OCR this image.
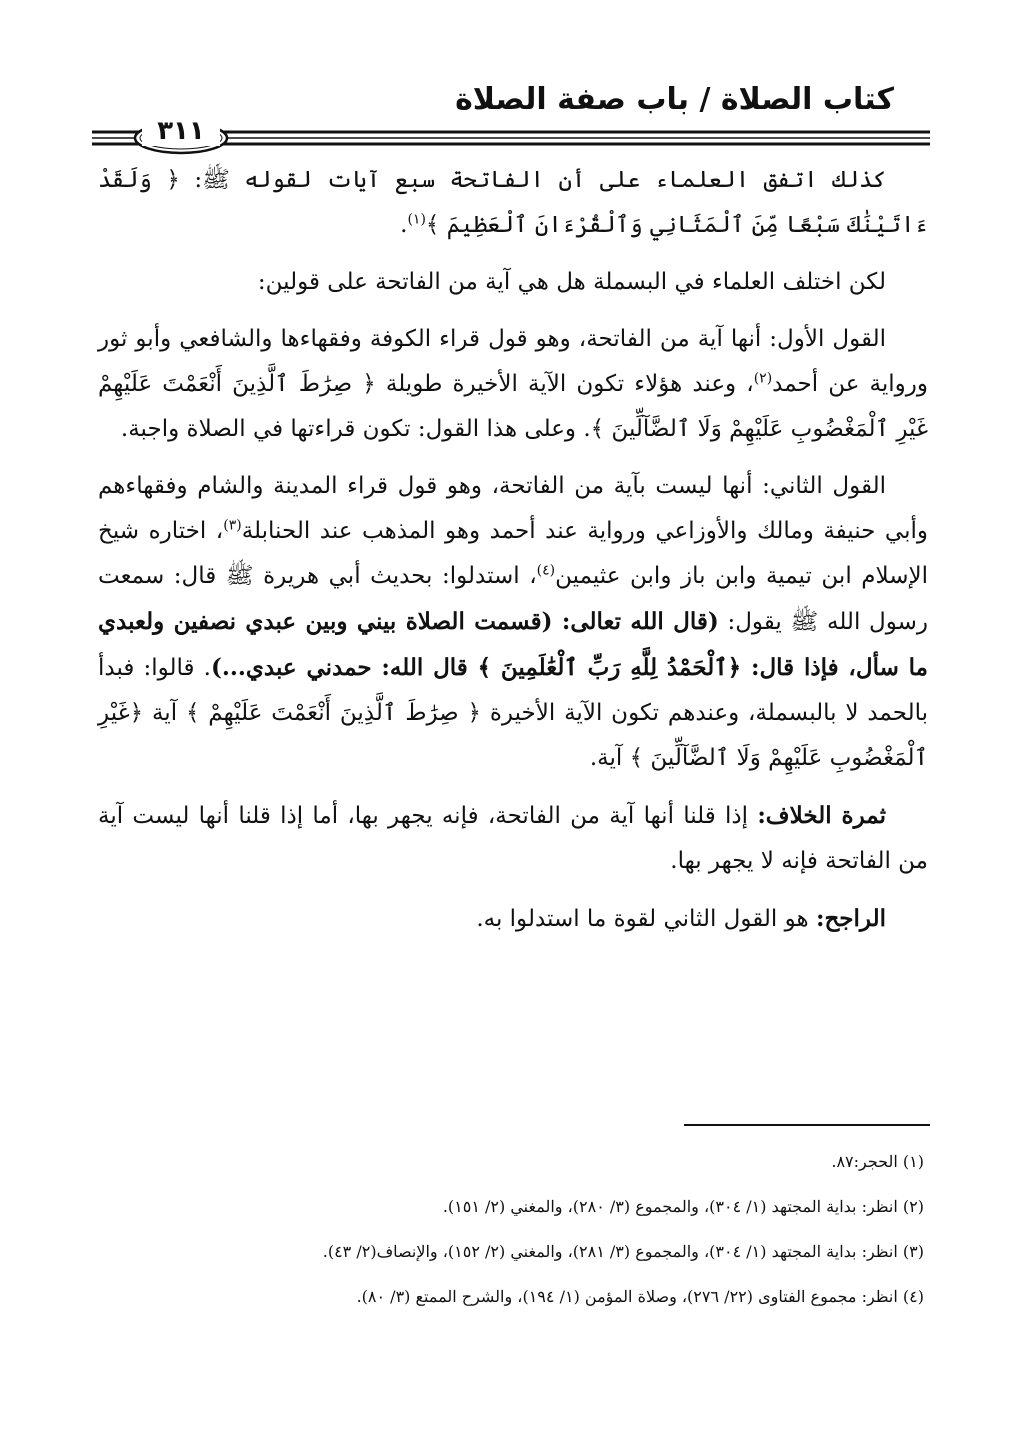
كتاب الصلاة / باب صفة الصلاة
٣١١

كذلك اتفق العلماء على أن الفاتحة سبع آيات لقوله ﷺ: ﴿ وَلَقَدْ ءَاتَيْنَٰكَ سَبْعًا مِّنَ ٱلْمَثَانِي وَٱلْقُرْءَانَ ٱلْعَظِيمَ ﴾$^{(١)}$.

لكن اختلف العلماء في البسملة هل هي آية من الفاتحة على قولين:

القول الأول: أنها آية من الفاتحة، وهو قول قراء الكوفة وفقهاءها والشافعي وأبو ثور ورواية عن أحمد$^{(٢)}$، وعند هؤلاء تكون الآية الأخيرة طويلة ﴿ صِرَٰطَ ٱلَّذِينَ أَنْعَمْتَ عَلَيْهِمْ غَيْرِ ٱلْمَغْضُوبِ عَلَيْهِمْ وَلَا ٱلضَّآلِّينَ ﴾. وعلى هذا القول: تكون قراءتها في الصلاة واجبة.

القول الثاني: أنها ليست بآية من الفاتحة، وهو قول قراء المدينة والشام وفقهاءهم وأبي حنيفة ومالك والأوزاعي ورواية عند أحمد وهو المذهب عند الحنابلة$^{(٣)}$، اختاره شيخ الإسلام ابن تيمية وابن باز وابن عثيمين$^{(٤)}$، استدلوا: بحديث أبي هريرة ﷺ قال: سمعت رسول الله ﷺ يقول: (قال الله تعالى: (قسمت الصلاة بيني وبين عبدي نصفين ولعبدي ما سأل، فإذا قال: ﴿ٱلْحَمْدُ لِلَّهِ رَبِّ ٱلْعَٰلَمِينَ ﴾ قال الله: حمدني عبدي...). قالوا: فبدأ بالحمد لا بالبسملة، وعندهم تكون الآية الأخيرة ﴿ صِرَٰطَ ٱلَّذِينَ أَنْعَمْتَ عَلَيْهِمْ ﴾ آية ﴿غَيْرِ ٱلْمَغْضُوبِ عَلَيْهِمْ وَلَا ٱلضَّآلِّينَ ﴾ آية.

ثمرة الخلاف: إذا قلنا أنها آية من الفاتحة، فإنه يجهر بها، أما إذا قلنا أنها ليست آية من الفاتحة فإنه لا يجهر بها.

الراجح: هو القول الثاني لقوة ما استدلوا به.

(١) الحجر:٨٧.

(٢) انظر: بداية المجتهد (١/ ٣٠٤)، والمجموع (٣/ ٢٨٠)، والمغني (٢/ ١٥١).

(٣) انظر: بداية المجتهد (١/ ٣٠٤)، والمجموع (٣/ ٢٨١)، والمغني (٢/ ١٥٢)، والإنصاف(٢/ ٤٣).

(٤) انظر: مجموع الفتاوى (٢٢/ ٢٧٦)، وصلاة المؤمن (١/ ١٩٤)، والشرح الممتع (٣/ ٨٠).
